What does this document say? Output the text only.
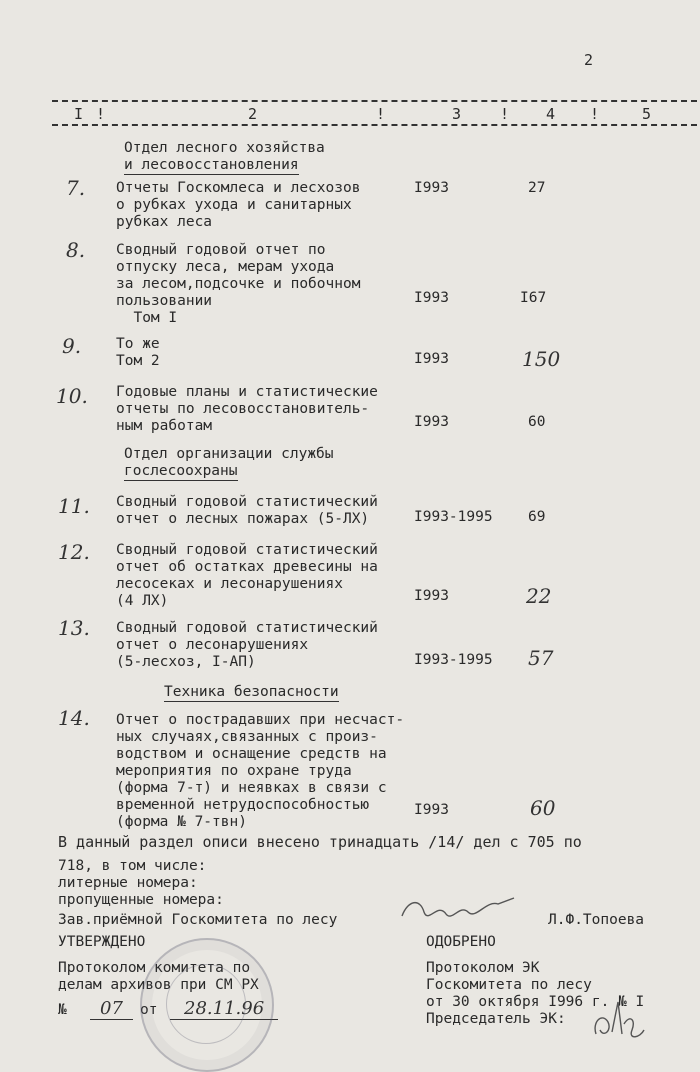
2
I !	2	!	3	! 4 !	5
Отдел лесного хозяйства
и лесовосстановления
7. Отчеты Госкомлеса и лесхозов
о рубках ухода и санитарных
рубках леса
I993	27
8. Сводный годовой отчет по
отпуску леса, мерам ухода
за лесом,подсочке и побочном
пользовании
Том I
I993	I67
9. То же
Том 2	I993	150
10. Годовые планы и статистические
отчеты по лесовосстановитель-
ным работам	I993	60
Отдел организации службы
гослесоохраны
11. Сводный годовой статистический
отчет о лесных пожарах (5-ЛХ)	I993-1995 69
12. Сводный годовой статистический
отчет об остатках древесины на
лесосеках и лесонарушениях
(4 ЛХ)	I993	22
13. Сводный годовой статистический
отчет о лесонарушениях
(5-лесхоз, I-АП)	I993-1995 57
Техника безопасности
14. Отчет о пострадавших при несчаст-
ных случаях,связанных с произ-
водством и оснащение средств на
мероприятия по охране труда
(форма 7-т) и неявках в связи с
временной нетрудоспособностью
(форма № 7-твн)
I993	60
В данный раздел описи внесено тринадцать /14/ дел с 705 по
718, в том числе:
литерные номера:
пропущенные номера:
Зав.приёмной Госкомитета по лесу	Л.Ф.Топоева
УТВЕРЖДЕНО
Протоколом комитета по
делам архивов при СМ РХ
№	07	от	28.11.96
ОДОБРЕНО
Протоколом ЭК
Госкомитета по лесу
от 30 октября I996 г. № I
Председатель ЭК:
